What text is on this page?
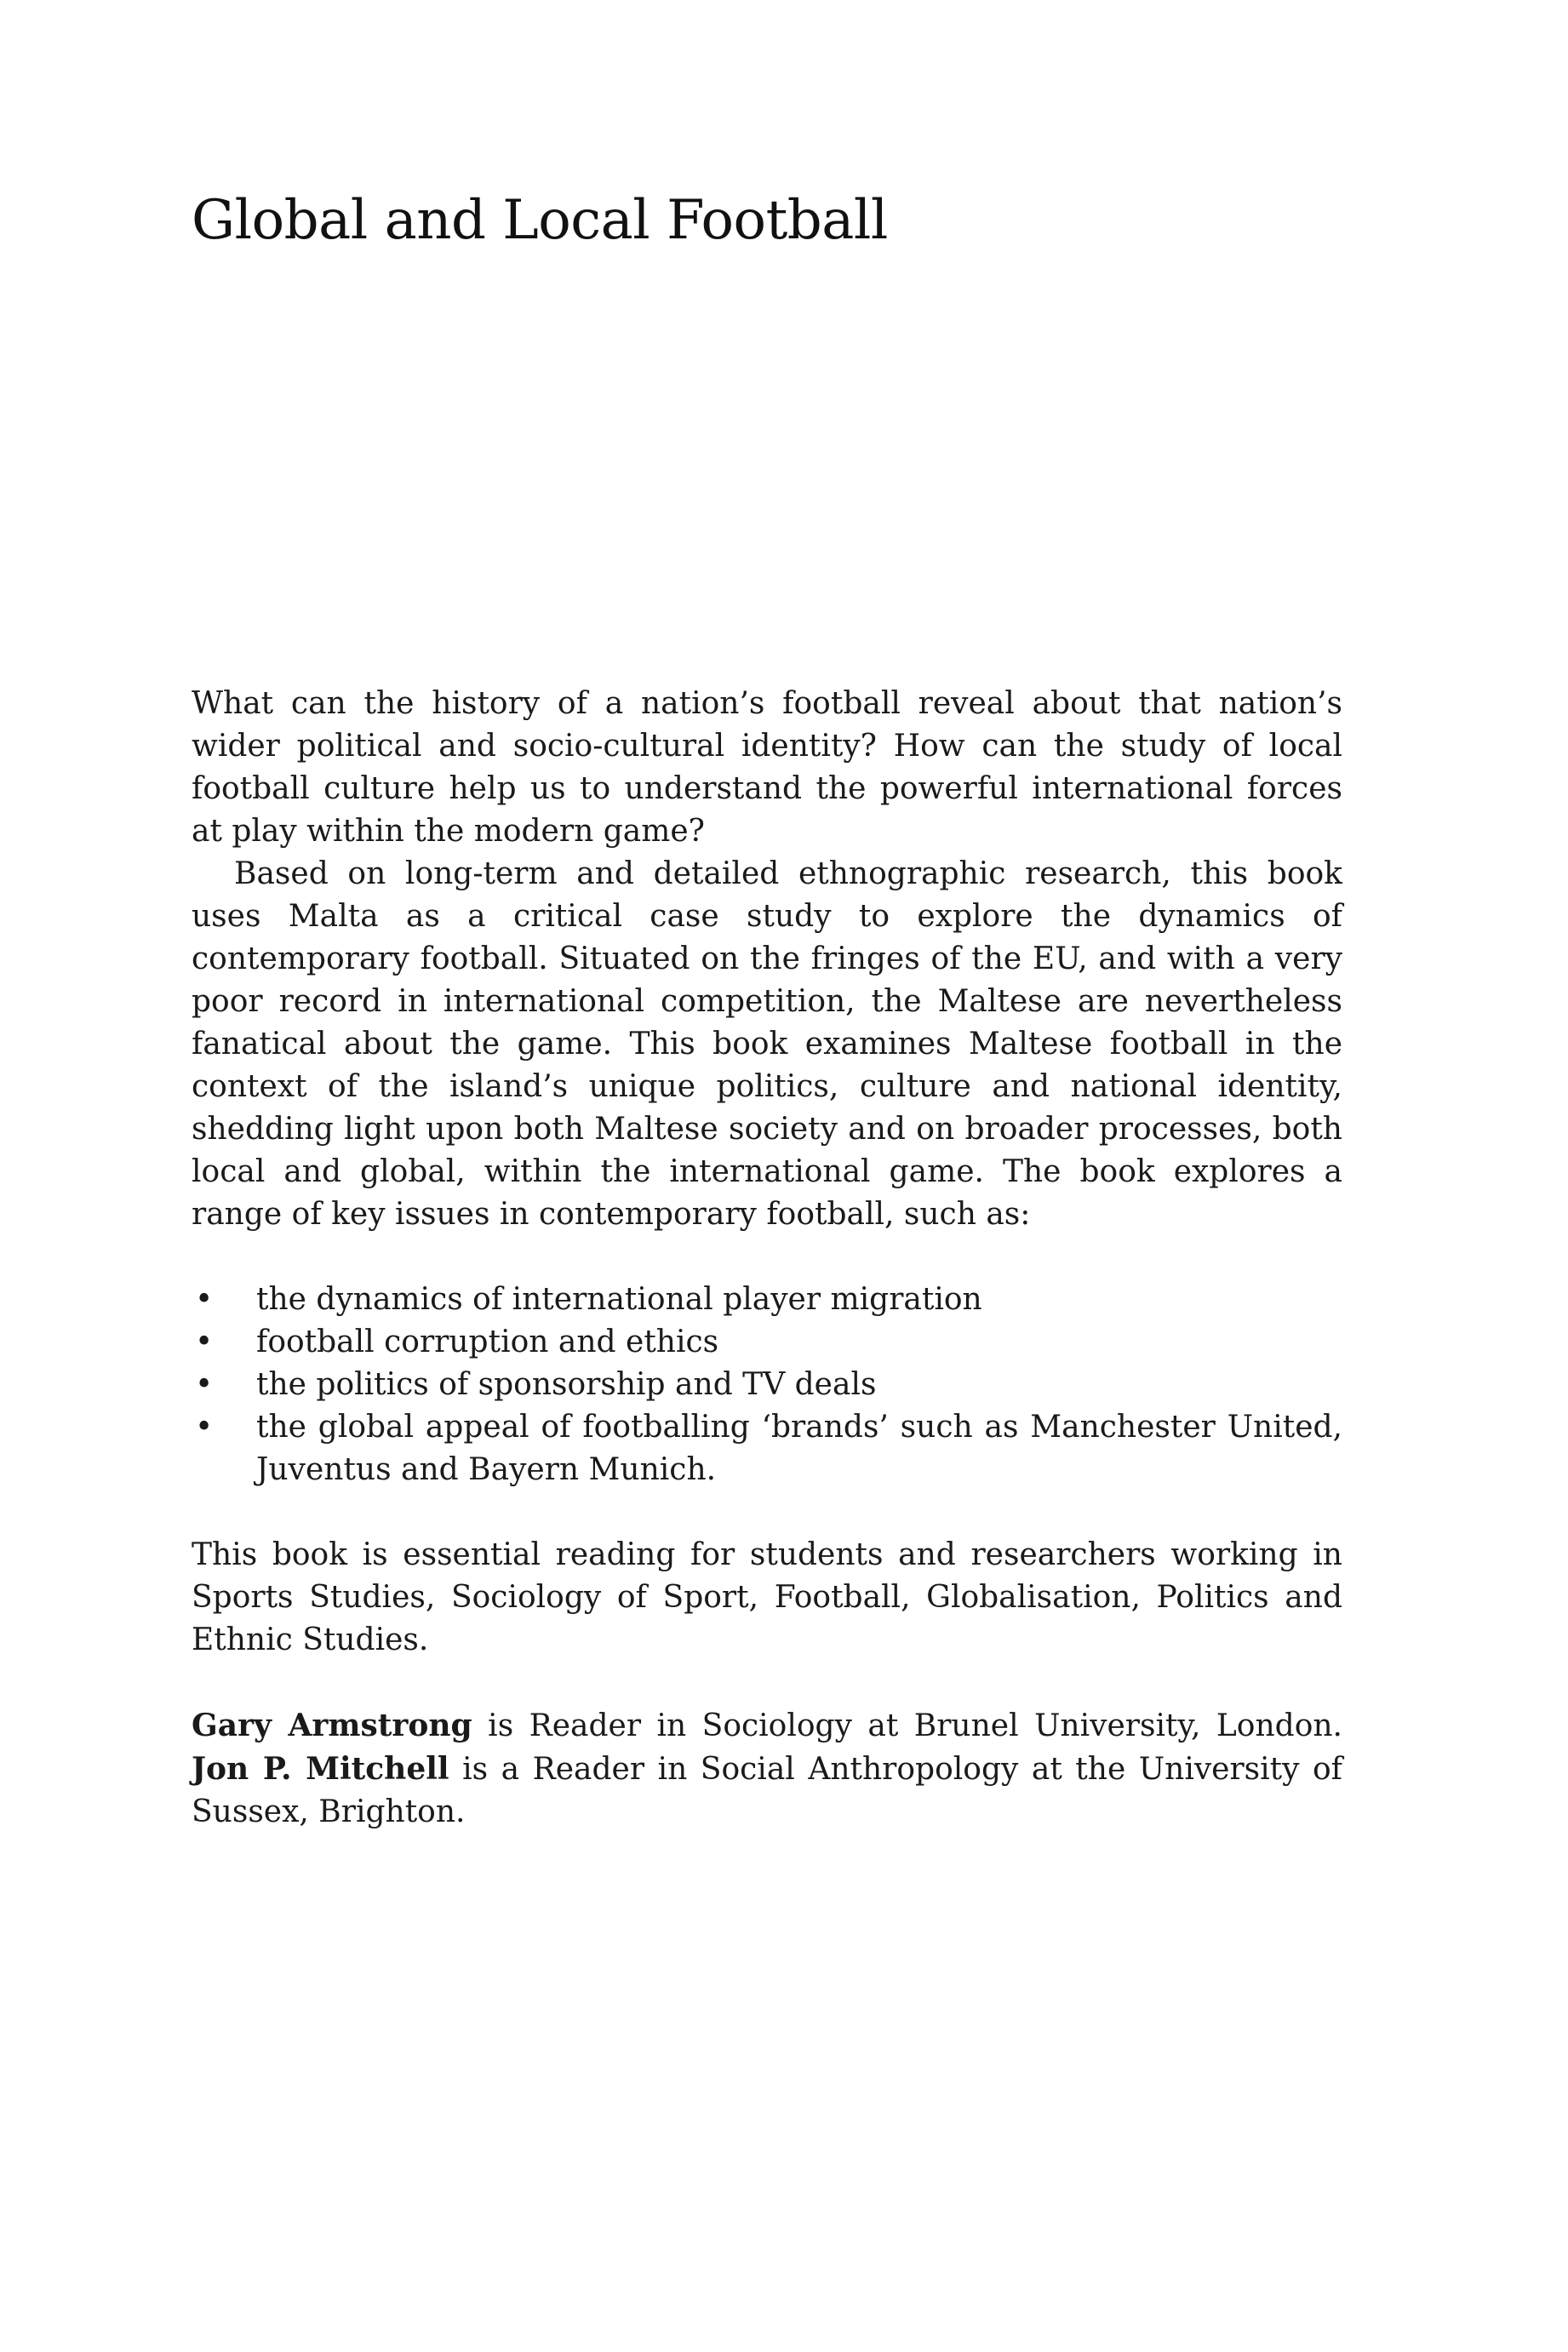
Global and Local Football

What can the history of a nation’s football reveal about that nation’s wider political and socio-cultural identity? How can the study of local football culture help us to understand the powerful international forces at play within the modern game?

Based on long-term and detailed ethnographic research, this book uses Malta as a critical case study to explore the dynamics of contemporary football. Situated on the fringes of the EU, and with a very poor record in international competition, the Maltese are nevertheless fanatical about the game. This book examines Maltese football in the context of the island’s unique politics, culture and national identity, shedding light upon both Maltese society and on broader processes, both local and global, within the international game. The book explores a range of key issues in contemporary football, such as:

• the dynamics of international player migration
• football corruption and ethics
• the politics of sponsorship and TV deals
• the global appeal of footballing ‘brands’ such as Manchester United, Juventus and Bayern Munich.

This book is essential reading for students and researchers working in Sports Studies, Sociology of Sport, Football, Globalisation, Politics and Ethnic Studies.

Gary Armstrong is Reader in Sociology at Brunel University, London. Jon P. Mitchell is a Reader in Social Anthropology at the University of Sussex, Brighton.
